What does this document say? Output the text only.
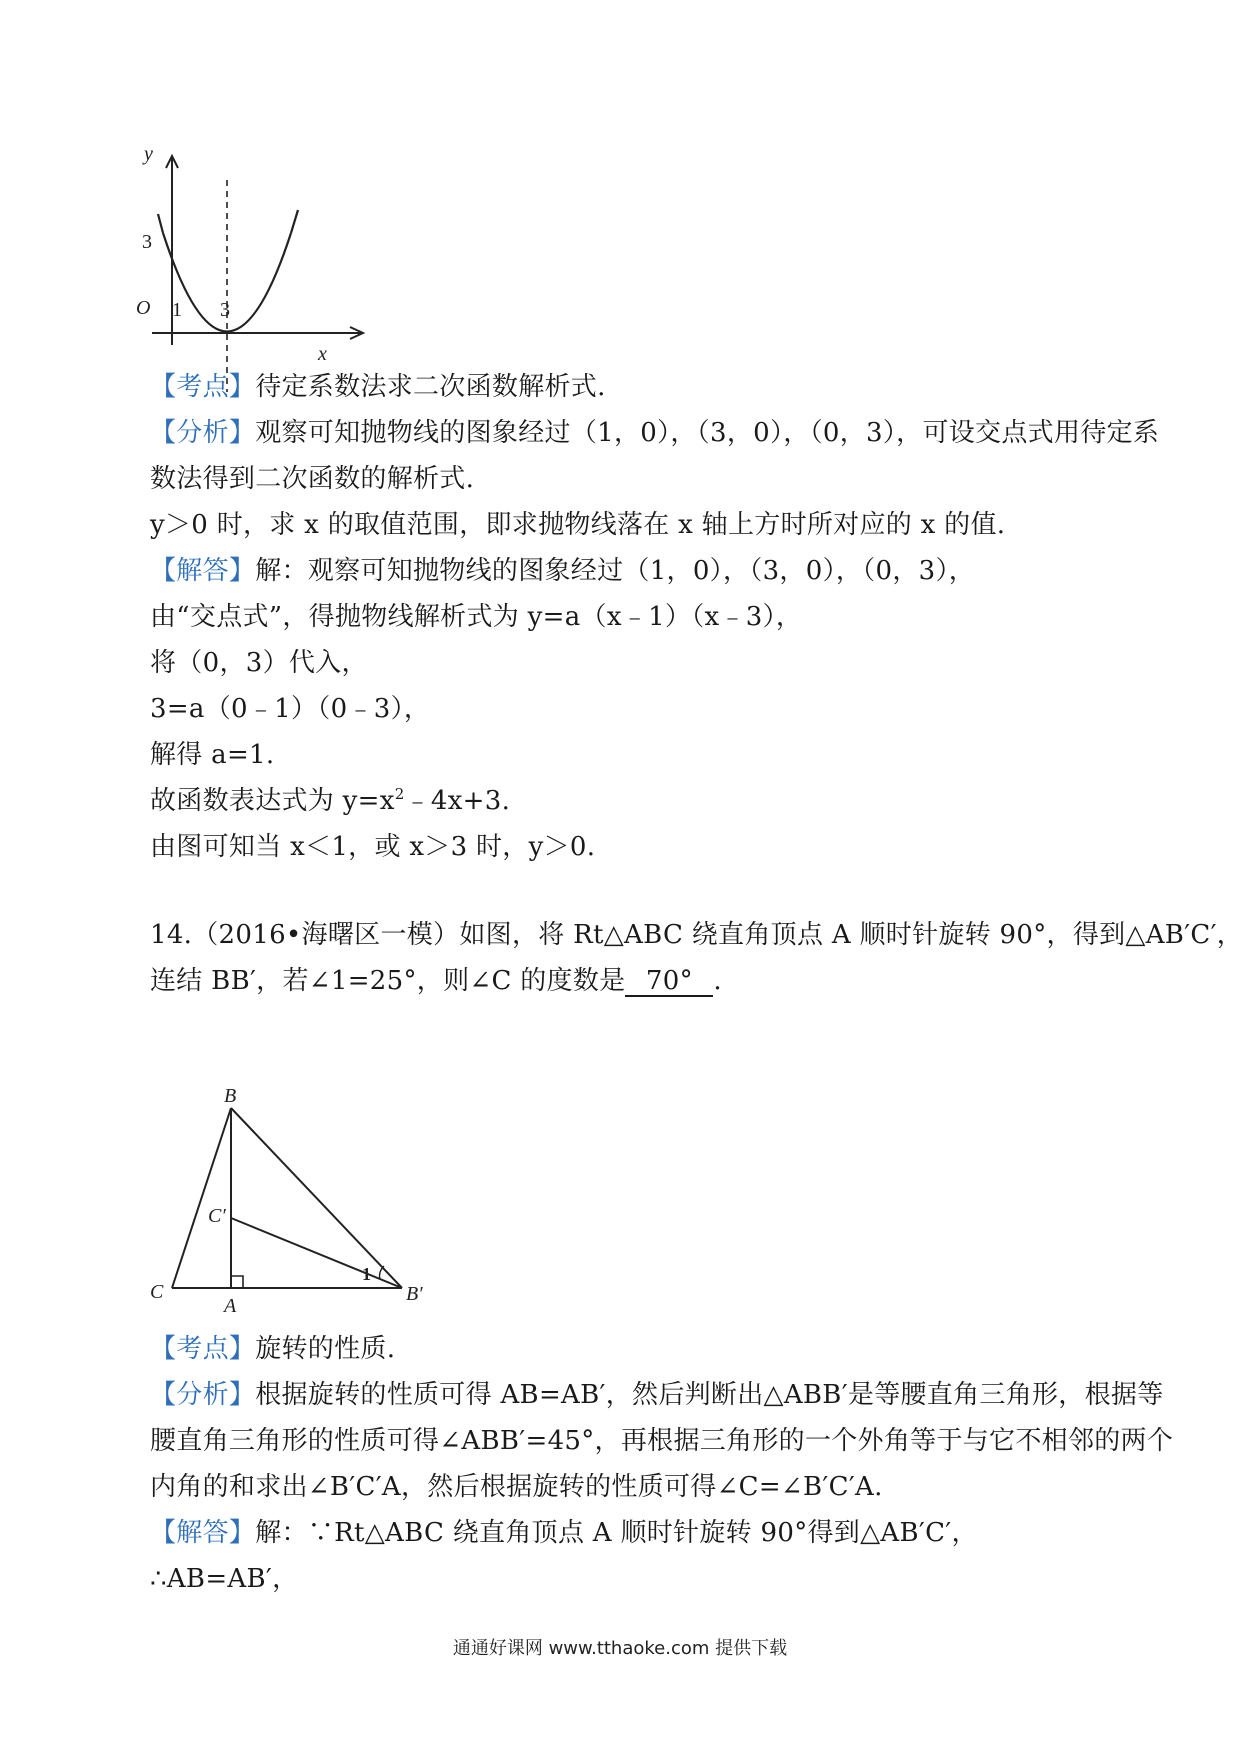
y
x
O
3
1 3
【考点】待定系数法求二次函数解析式.
【分析】观察可知抛物线的图象经过（1，0），（3，0），（0，3），可设交点式用待定系
数法得到二次函数的解析式.
y＞0 时，求 x 的取值范围，即求抛物线落在 x 轴上方时所对应的 x 的值.
【解答】解：观察可知抛物线的图象经过（1，0），（3，0），（0，3），
由“交点式”，得抛物线解析式为 y=a（x﹣1）（x﹣3），
将（0，3）代入，
3=a（0﹣1）（0﹣3），
解得 a=1.
故函数表达式为 $y=x^2﹣4x+3$.
由图可知当 x＜1，或 x＞3 时，y＞0.
14.（2016•海曙区一模）如图，将 Rt△ABC 绕直角顶点 A 顺时针旋转 90°，得到△AB′C′，
连结 BB′，若∠1=25°，则∠C 的度数是 70° .
B
C′
C
A
B′
1
【考点】旋转的性质.
【分析】根据旋转的性质可得 AB=AB′，然后判断出△ABB′是等腰直角三角形，根据等
腰直角三角形的性质可得∠ABB′=45°，再根据三角形的一个外角等于与它不相邻的两个
内角的和求出∠B′C′A，然后根据旋转的性质可得∠C=∠B′C′A.
【解答】解：∵Rt△ABC 绕直角顶点 A 顺时针旋转 90°得到△AB′C′，
∴AB=AB′，
通通好课网 www.tthaoke.com 提供下载
